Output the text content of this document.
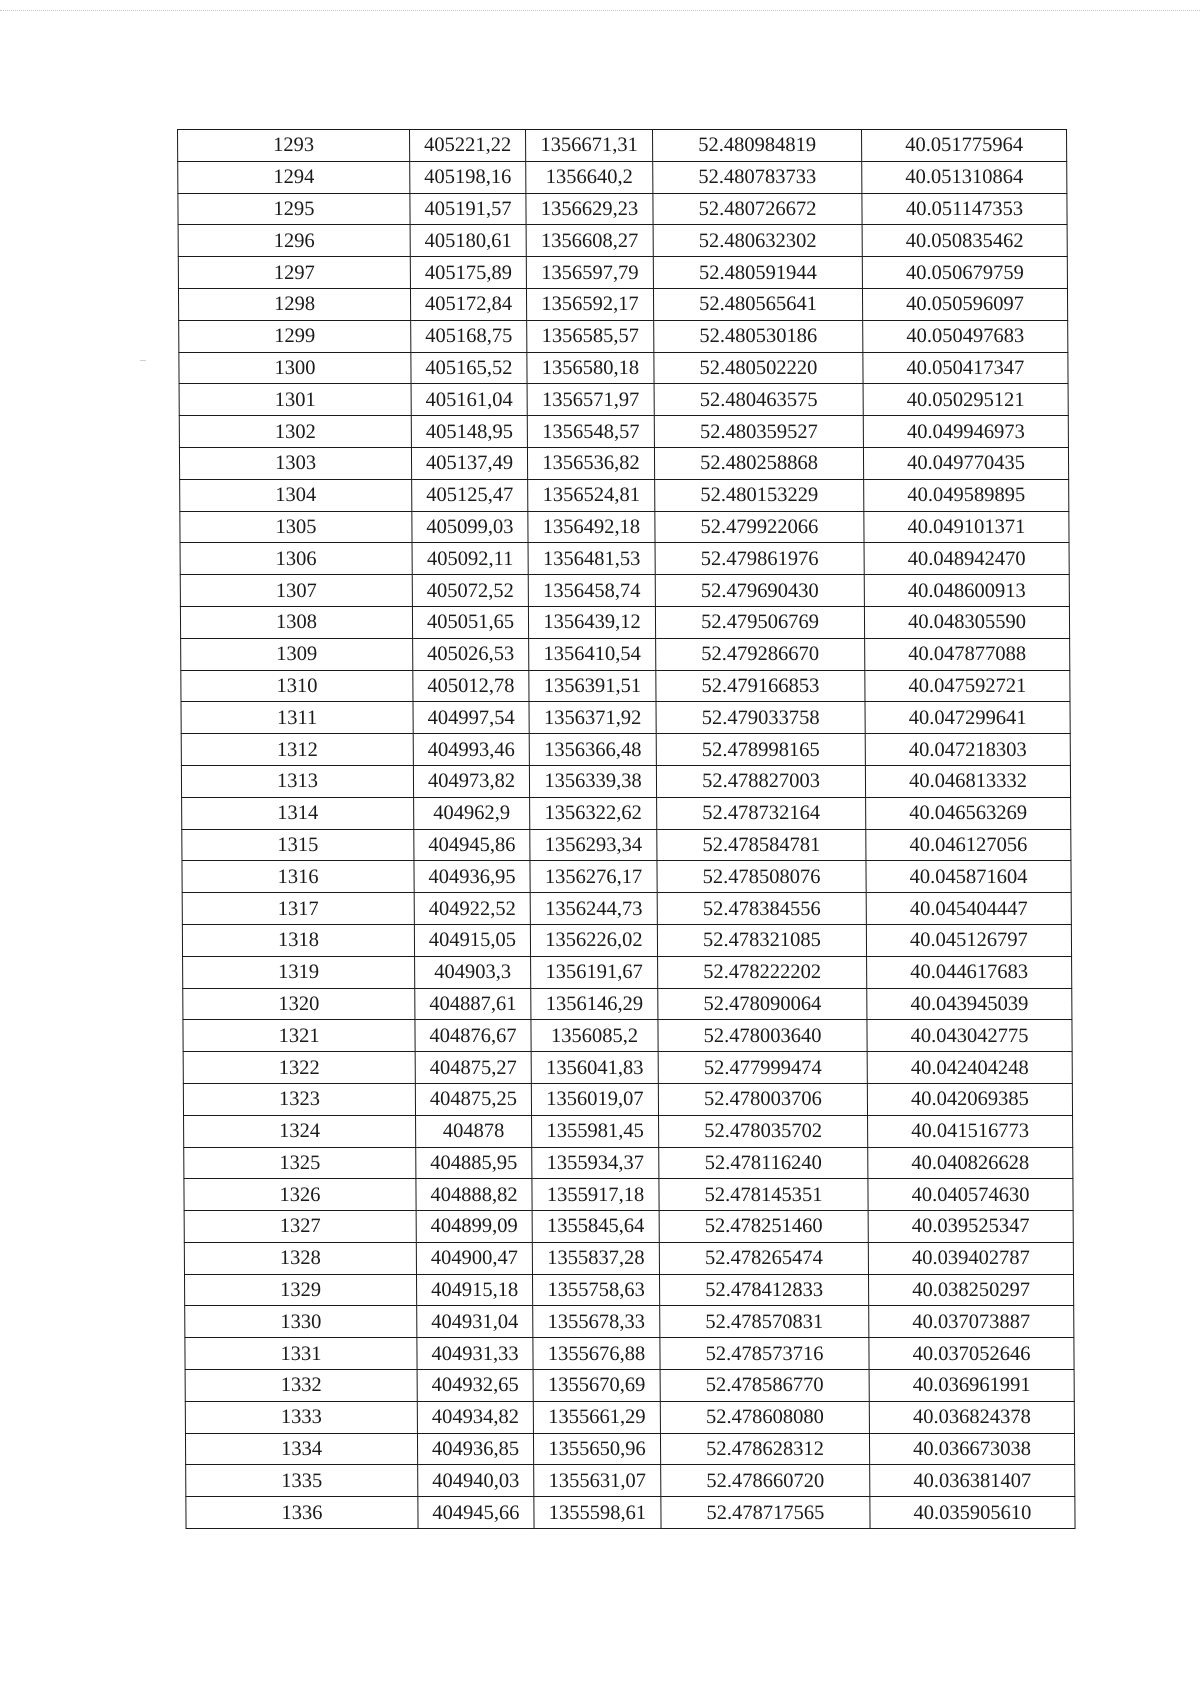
1293	405221,22	1356671,31	52.480984819	40.051775964
1294	405198,16	1356640,2	52.480783733	40.051310864
1295	405191,57	1356629,23	52.480726672	40.051147353
1296	405180,61	1356608,27	52.480632302	40.050835462
1297	405175,89	1356597,79	52.480591944	40.050679759
1298	405172,84	1356592,17	52.480565641	40.050596097
1299	405168,75	1356585,57	52.480530186	40.050497683
1300	405165,52	1356580,18	52.480502220	40.050417347
1301	405161,04	1356571,97	52.480463575	40.050295121
1302	405148,95	1356548,57	52.480359527	40.049946973
1303	405137,49	1356536,82	52.480258868	40.049770435
1304	405125,47	1356524,81	52.480153229	40.049589895
1305	405099,03	1356492,18	52.479922066	40.049101371
1306	405092,11	1356481,53	52.479861976	40.048942470
1307	405072,52	1356458,74	52.479690430	40.048600913
1308	405051,65	1356439,12	52.479506769	40.048305590
1309	405026,53	1356410,54	52.479286670	40.047877088
1310	405012,78	1356391,51	52.479166853	40.047592721
1311	404997,54	1356371,92	52.479033758	40.047299641
1312	404993,46	1356366,48	52.478998165	40.047218303
1313	404973,82	1356339,38	52.478827003	40.046813332
1314	404962,9	1356322,62	52.478732164	40.046563269
1315	404945,86	1356293,34	52.478584781	40.046127056
1316	404936,95	1356276,17	52.478508076	40.045871604
1317	404922,52	1356244,73	52.478384556	40.045404447
1318	404915,05	1356226,02	52.478321085	40.045126797
1319	404903,3	1356191,67	52.478222202	40.044617683
1320	404887,61	1356146,29	52.478090064	40.043945039
1321	404876,67	1356085,2	52.478003640	40.043042775
1322	404875,27	1356041,83	52.477999474	40.042404248
1323	404875,25	1356019,07	52.478003706	40.042069385
1324	404878	1355981,45	52.478035702	40.041516773
1325	404885,95	1355934,37	52.478116240	40.040826628
1326	404888,82	1355917,18	52.478145351	40.040574630
1327	404899,09	1355845,64	52.478251460	40.039525347
1328	404900,47	1355837,28	52.478265474	40.039402787
1329	404915,18	1355758,63	52.478412833	40.038250297
1330	404931,04	1355678,33	52.478570831	40.037073887
1331	404931,33	1355676,88	52.478573716	40.037052646
1332	404932,65	1355670,69	52.478586770	40.036961991
1333	404934,82	1355661,29	52.478608080	40.036824378
1334	404936,85	1355650,96	52.478628312	40.036673038
1335	404940,03	1355631,07	52.478660720	40.036381407
1336	404945,66	1355598,61	52.478717565	40.035905610
